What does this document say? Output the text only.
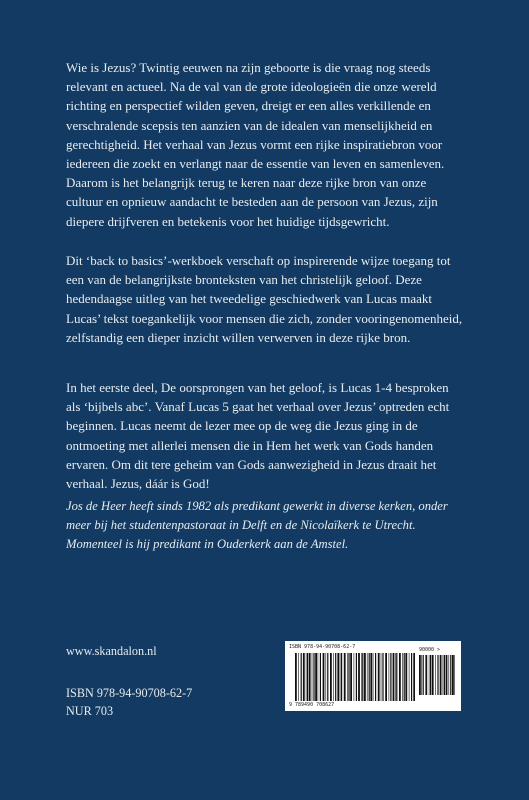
Wie is Jezus? Twintig eeuwen na zijn geboorte is die vraag nog steeds relevant en actueel. Na de val van de grote ideologieën die onze wereld richting en perspectief wilden geven, dreigt er een alles verkillende en verschralende scepsis ten aanzien van de idealen van menselijkheid en gerechtigheid. Het verhaal van Jezus vormt een rijke inspiratiebron voor iedereen die zoekt en verlangt naar de essentie van leven en samenleven. Daarom is het belangrijk terug te keren naar deze rijke bron van onze cultuur en opnieuw aandacht te besteden aan de persoon van Jezus, zijn diepere drijfveren en betekenis voor het huidige tijdsgewricht.
Dit ‘back to basics’-werkboek verschaft op inspirerende wijze toegang tot een van de belangrijkste bronteksten van het christelijk geloof. Deze hedendaagse uitleg van het tweedelige geschiedwerk van Lucas maakt Lucas’ tekst toegankelijk voor mensen die zich, zonder vooringenomenheid, zelfstandig een dieper inzicht willen verwerven in deze rijke bron.
In het eerste deel, De oorsprongen van het geloof, is Lucas 1-4 besproken als ‘bijbels abc’. Vanaf Lucas 5 gaat het verhaal over Jezus’ optreden echt beginnen. Lucas neemt de lezer mee op de weg die Jezus ging in de ontmoeting met allerlei mensen die in Hem het werk van Gods handen ervaren. Om dit tere geheim van Gods aanwezigheid in Jezus draait het verhaal. Jezus, dáár is God!
Jos de Heer heeft sinds 1982 als predikant gewerkt in diverse kerken, onder meer bij het studentenpastoraat in Delft en de Nicolaïkerk te Utrecht. Momenteel is hij predikant in Ouderkerk aan de Amstel.
www.skandalon.nl
ISBN 978-94-90708-62-7
NUR 703
ISBN 978-94-90708-62-7	90000 >
9 789490 708627
